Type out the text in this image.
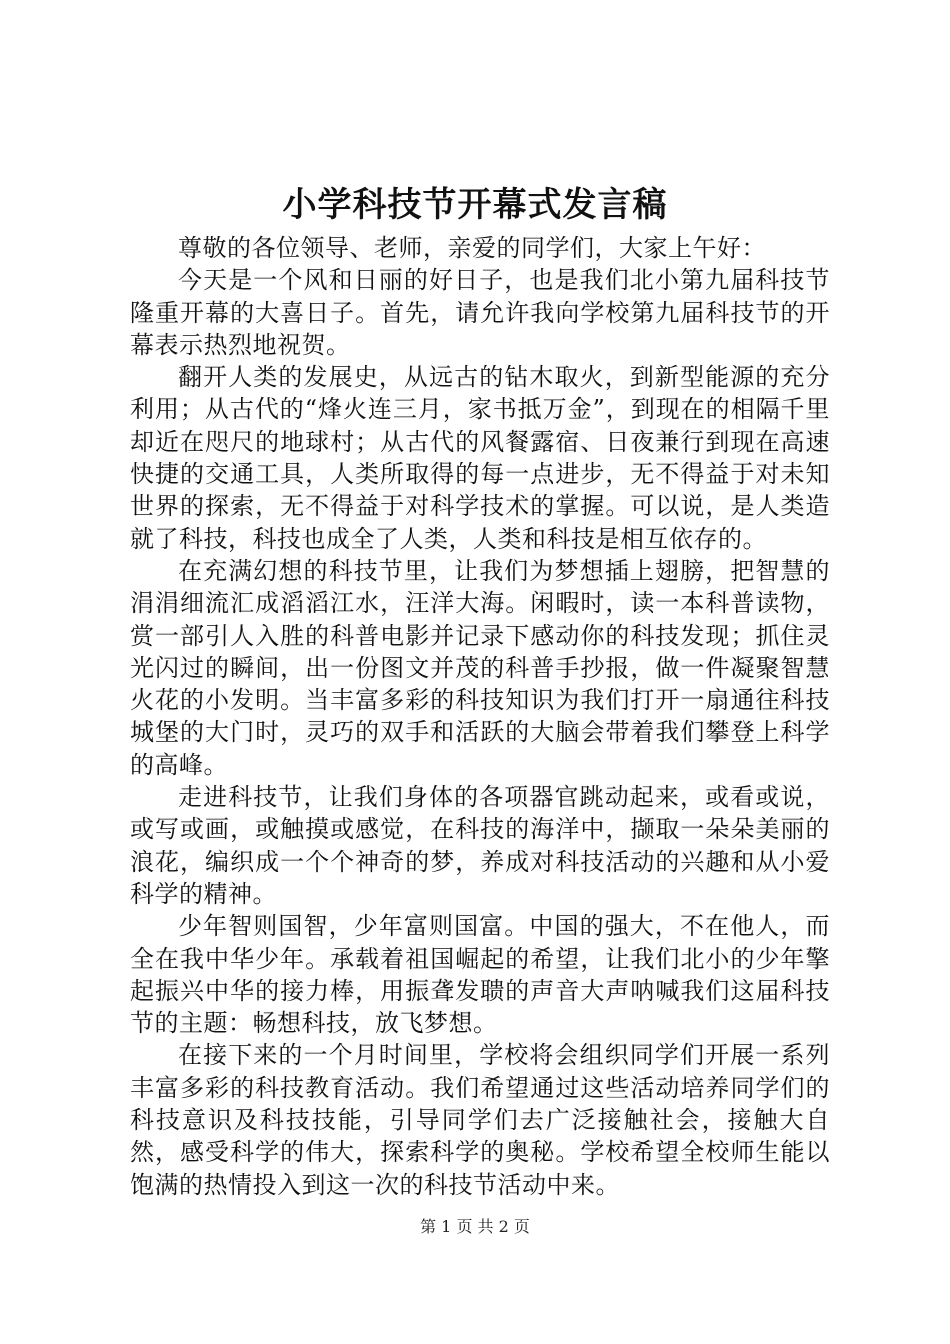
小学科技节开幕式发言稿

尊敬的各位领导、老师，亲爱的同学们，大家上午好：

今天是一个风和日丽的好日子，也是我们北小第九届科技节隆重开幕的大喜日子。首先，请允许我向学校第九届科技节的开幕表示热烈地祝贺。

翻开人类的发展史，从远古的钻木取火，到新型能源的充分利用；从古代的“烽火连三月，家书抵万金”，到现在的相隔千里却近在咫尺的地球村；从古代的风餐露宿、日夜兼行到现在高速快捷的交通工具，人类所取得的每一点进步，无不得益于对未知世界的探索，无不得益于对科学技术的掌握。可以说，是人类造就了科技，科技也成全了人类，人类和科技是相互依存的。

在充满幻想的科技节里，让我们为梦想插上翅膀，把智慧的涓涓细流汇成滔滔江水，汪洋大海。闲暇时，读一本科普读物，赏一部引人入胜的科普电影并记录下感动你的科技发现；抓住灵光闪过的瞬间，出一份图文并茂的科普手抄报，做一件凝聚智慧火花的小发明。当丰富多彩的科技知识为我们打开一扇通往科技城堡的大门时，灵巧的双手和活跃的大脑会带着我们攀登上科学的高峰。

走进科技节，让我们身体的各项器官跳动起来，或看或说，或写或画，或触摸或感觉，在科技的海洋中，撷取一朵朵美丽的浪花，编织成一个个神奇的梦，养成对科技活动的兴趣和从小爱科学的精神。

少年智则国智，少年富则国富。中国的强大，不在他人，而全在我中华少年。承载着祖国崛起的希望，让我们北小的少年擎起振兴中华的接力棒，用振聋发聩的声音大声呐喊我们这届科技节的主题：畅想科技，放飞梦想。

在接下来的一个月时间里，学校将会组织同学们开展一系列丰富多彩的科技教育活动。我们希望通过这些活动培养同学们的科技意识及科技技能，引导同学们去广泛接触社会，接触大自然，感受科学的伟大，探索科学的奥秘。学校希望全校师生能以饱满的热情投入到这一次的科技节活动中来。

第 1 页 共 2 页
